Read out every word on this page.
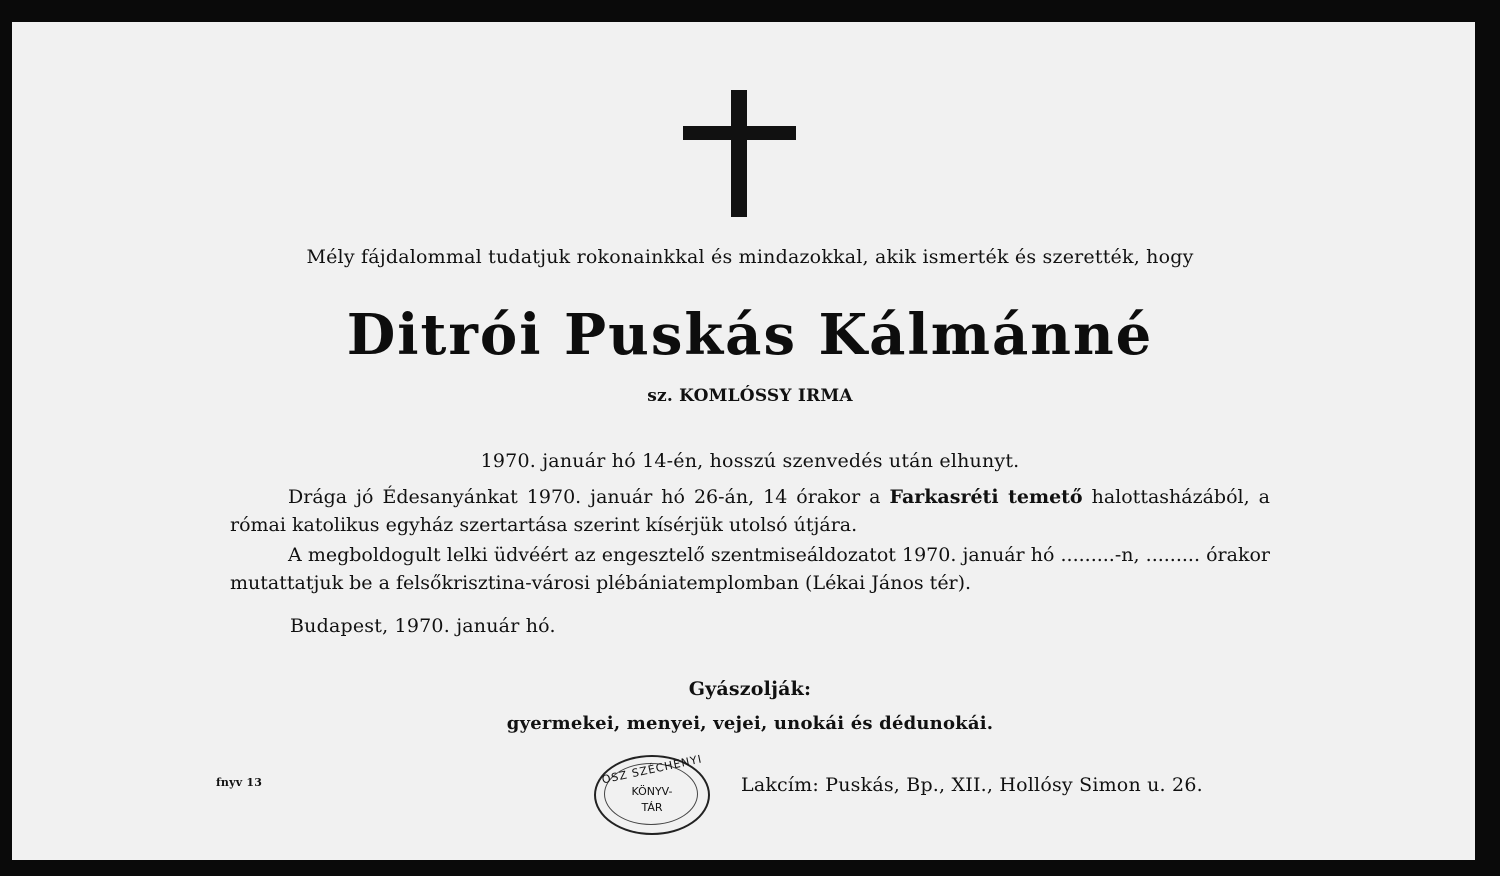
Mély fájdalommal tudatjuk rokonainkkal és mindazokkal, akik ismerték és szerették, hogy
Ditrói Puskás Kálmánné
sz. KOMLÓSSY IRMA
1970. január hó 14-én, hosszú szenvedés után elhunyt.
Drága jó Édesanyánkat 1970. január hó 26-án, 14 órakor a Farkasréti temető halottasházából, a római katolikus egyház szertartása szerint kísérjük utolsó útjára.
A megboldogult lelki üdvéért az engesztelő szentmiseáldozatot 1970. január hó .........-n, ......... órakor mutattatjuk be a felsőkrisztina-városi plébániatemplomban (Lékai János tér).
Budapest, 1970. január hó.
Gyászolják:
gyermekei, menyei, vejei, unokái és dédunokái.
fnyv 13	OSZ SZÉCHENYI
KÖNYV-
TÁR
Lakcím: Puskás, Bp., XII., Hollósy Simon u. 26.
